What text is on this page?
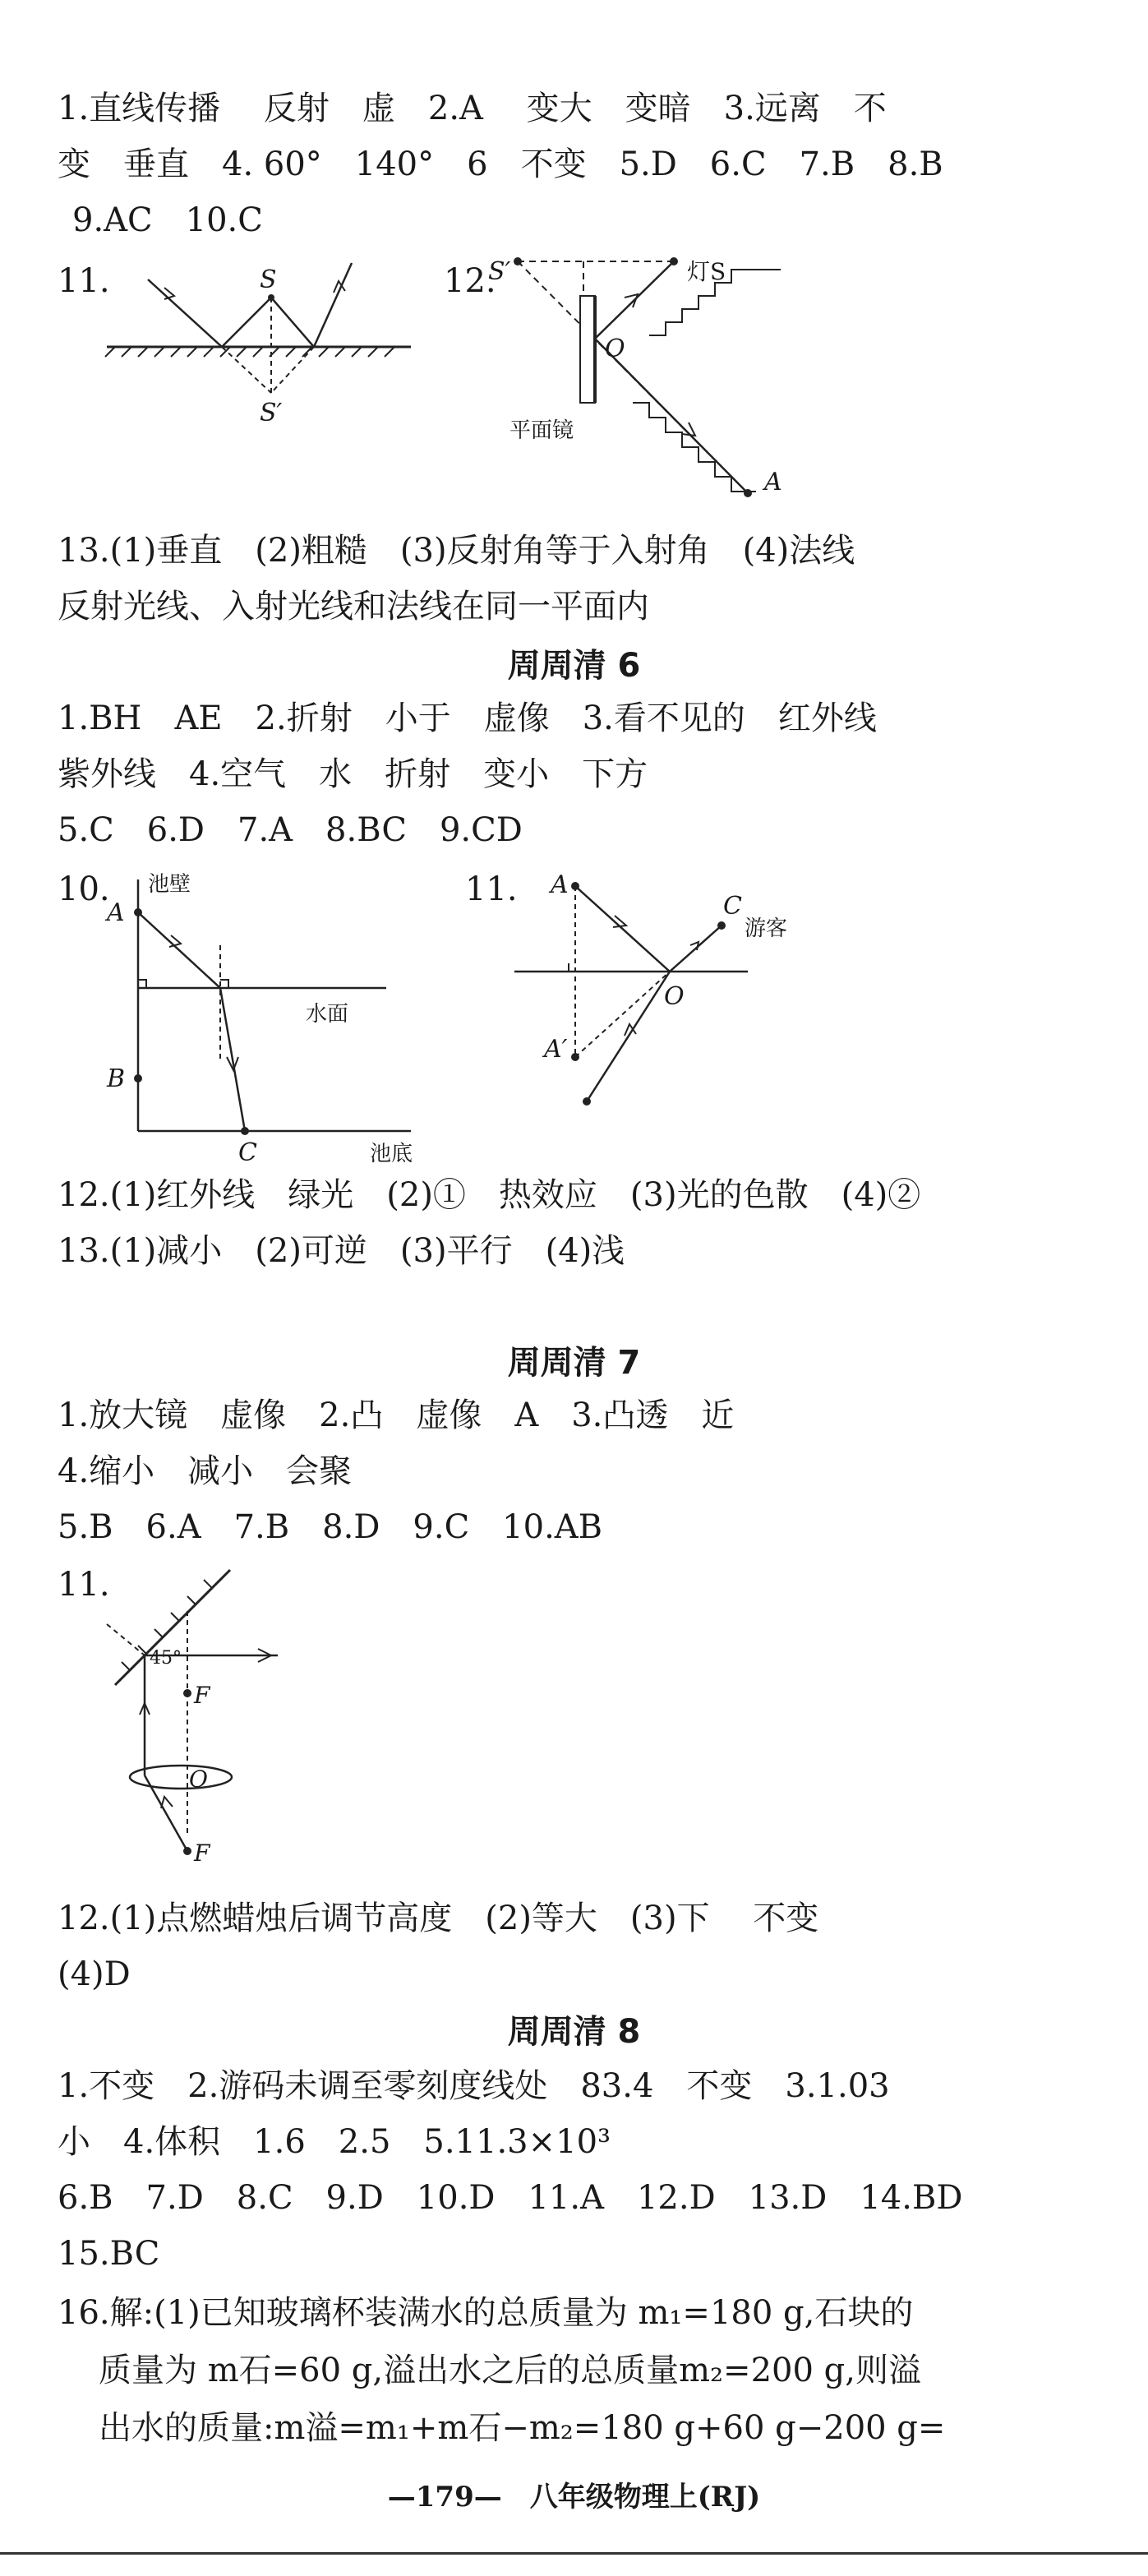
1.直线传播　 反射　虚　2.A　 变大　变暗　3.远离　不
变　垂直　4. 60°　140°　6　不变　5.D　6.C　7.B　8.B
9.AC　10.C
11.	S
S′
12.
S′	灯S
O
平面镜
A
13.(1)垂直　(2)粗糙　(3)反射角等于入射角　(4)法线
反射光线、入射光线和法线在同一平面内
周周清 6
1.BH　AE　2.折射　小于　虚像　3.看不见的　红外线
紫外线　4.空气　水　折射　变小　下方
5.C　6.D　7.A　8.BC　9.CD
10. 池壁
A
B
C
水面
池底
11. A
A′
C
游客
O
12.(1)红外线　绿光　(2)①　热效应　(3)光的色散　(4)②
13.(1)减小　(2)可逆　(3)平行　(4)浅
周周清 7
1.放大镜　虚像　2.凸　虚像　A　3.凸透　近
4.缩小　减小　会聚
5.B　6.A　7.B　8.D　9.C　10.AB
11.
45°
F
O
F
12.(1)点燃蜡烛后调节高度　(2)等大　(3)下　 不变
(4)D
周周清 8
1.不变　2.游码未调至零刻度线处　83.4　不变　3.1.03
小　4.体积　1.6　2.5　5.11.3×10³
6.B　7.D　8.C　9.D　10.D　11.A　12.D　13.D　14.BD
15.BC
16.解:(1)已知玻璃杯装满水的总质量为 m₁=180 g,石块的
质量为 m石=60 g,溢出水之后的总质量m₂=200 g,则溢
出水的质量:m溢=m₁+m石−m₂=180 g+60 g−200 g=
—179—　八年级物理上(RJ)
